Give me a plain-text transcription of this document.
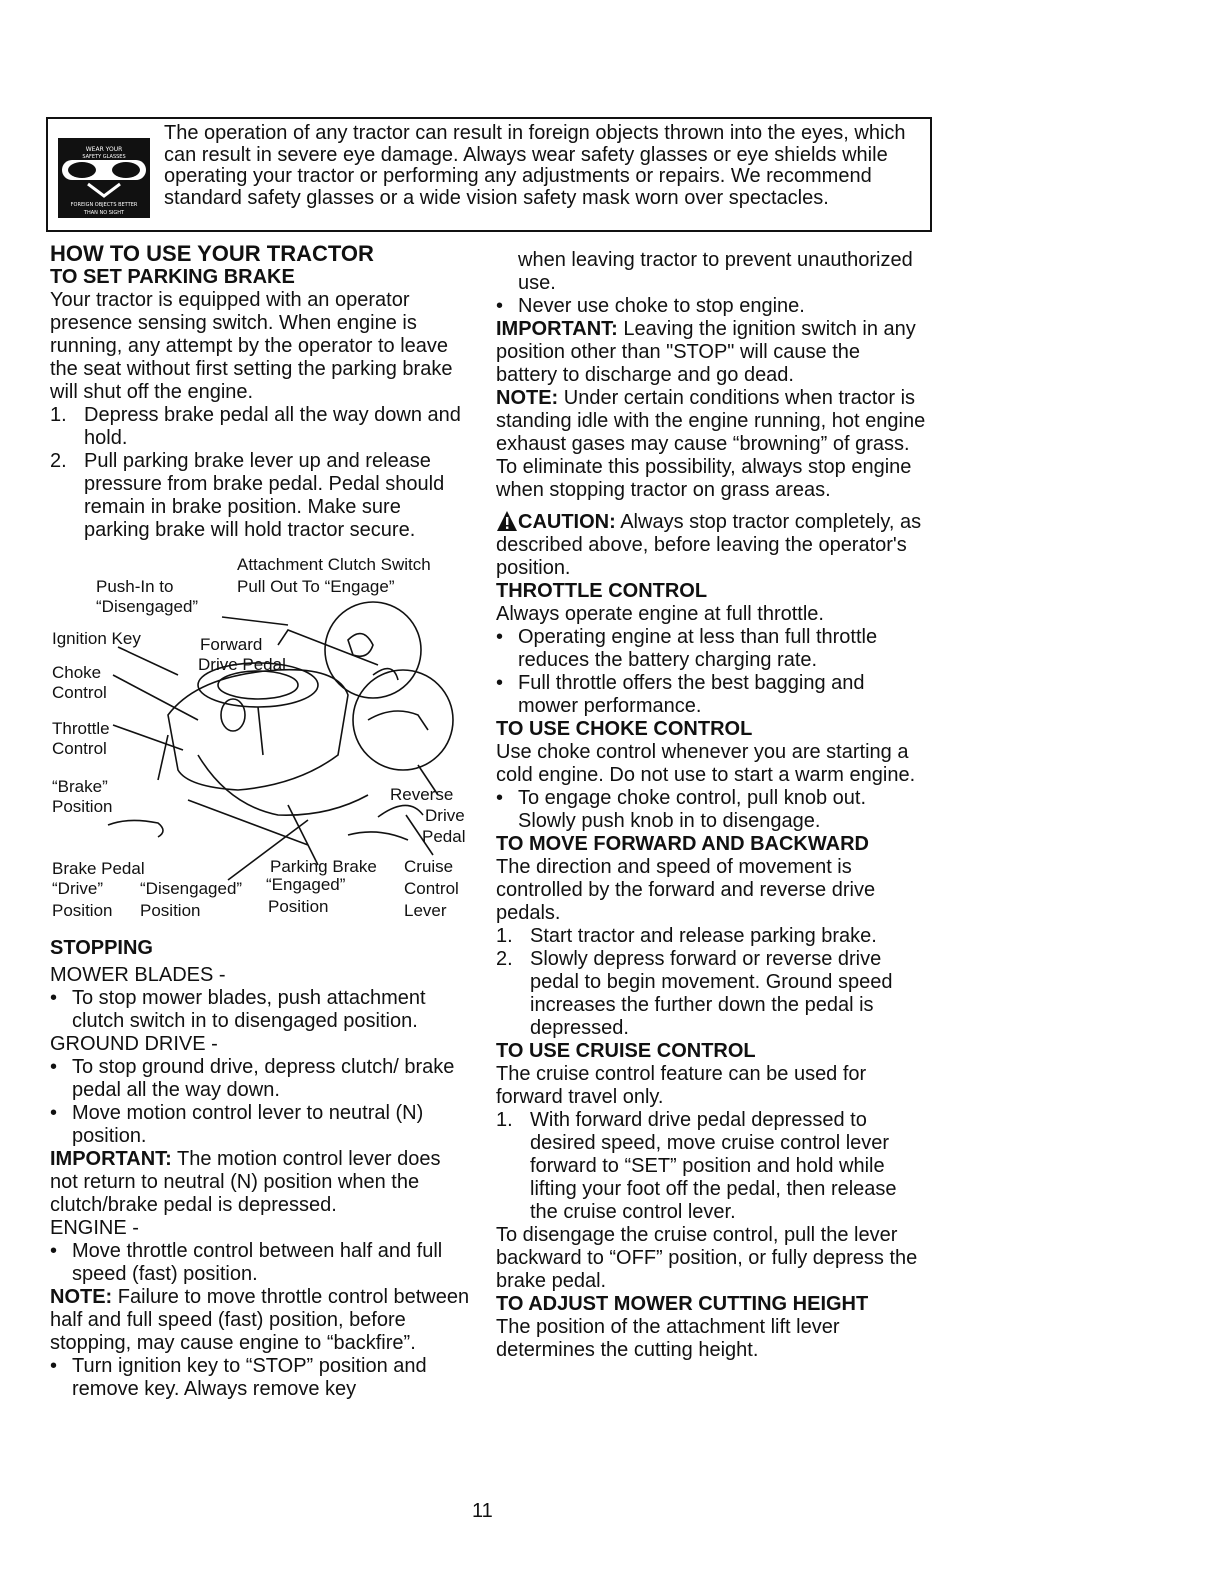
WEAR YOUR
SAFETY GLASSES
FOREIGN OBJECTS BETTER
THAN NO SIGHT

The operation of any tractor can result in foreign objects thrown into the eyes, which can result in severe eye damage. Always wear safety glasses or eye shields while operating your tractor or performing any adjustments or repairs. We recommend standard safety glasses or a wide vision safety mask worn over spectacles.

HOW TO USE YOUR TRACTOR
TO SET PARKING BRAKE

Your tractor is equipped with an operator presence sensing switch. When engine is running, any attempt by the operator to leave the seat without first setting the parking brake will shut off the engine.

1. Depress brake pedal all the way down and hold.
2. Pull parking brake lever up and release pressure from brake pedal. Pedal should remain in brake position. Make sure parking brake will hold tractor secure.
Attachment Clutch Switch
Push-In to	Pull Out To “Engage”
“Disengaged”
Ignition Key	Forward
Drive Pedal
Choke
Control
Throttle
Control
“Brake”
Position
Reverse
Drive
Pedal
Brake Pedal	Parking Brake Cruise
“Drive” “Disengaged” “Engaged”	Control
Position Position	Position	Lever
STOPPING

MOWER BLADES -

• To stop mower blades, push attachment clutch switch in to disengaged position.

GROUND DRIVE -

• To stop ground drive, depress clutch/ brake pedal all the way down.
• Move motion control lever to neutral (N) position.

IMPORTANT: The motion control lever does not return to neutral (N) position when the clutch/brake pedal is depressed.

ENGINE -

• Move throttle control between half and full speed (fast) position.

NOTE: Failure to move throttle control between half and full speed (fast) position, before stopping, may cause engine to “backfire”.

• Turn ignition key to “STOP” position and remove key. Always remove key

when leaving tractor to prevent unauthorized use.

• Never use choke to stop engine.

IMPORTANT: Leaving the ignition switch in any position other than "STOP" will cause the battery to discharge and go dead.

NOTE: Under certain conditions when tractor is standing idle with the engine running, hot engine exhaust gases may cause “browning” of grass. To eliminate this possibility, always stop engine when stopping tractor on grass areas.

CAUTION: Always stop tractor completely, as described above, before leaving the operator's position.

THROTTLE CONTROL

Always operate engine at full throttle.

• Operating engine at less than full throttle reduces the battery charging rate.
• Full throttle offers the best bagging and mower performance.
TO USE CHOKE CONTROL

Use choke control whenever you are starting a cold engine. Do not use to start a warm engine.

• To engage choke control, pull knob out. Slowly push knob in to disengage.
TO MOVE FORWARD AND BACKWARD

The direction and speed of movement is controlled by the forward and reverse drive pedals.

1. Start tractor and release parking brake.
2. Slowly depress forward or reverse drive pedal to begin movement. Ground speed increases the further down the pedal is depressed.
TO USE CRUISE CONTROL

The cruise control feature can be used for forward travel only.

1. With forward drive pedal depressed to desired speed, move cruise control lever forward to “SET” position and hold while lifting your foot off the pedal, then release the cruise control lever.

To disengage the cruise control, pull the lever backward to “OFF” position, or fully depress the brake pedal.

TO ADJUST MOWER CUTTING HEIGHT

The position of the attachment lift lever determines the cutting height.

11
